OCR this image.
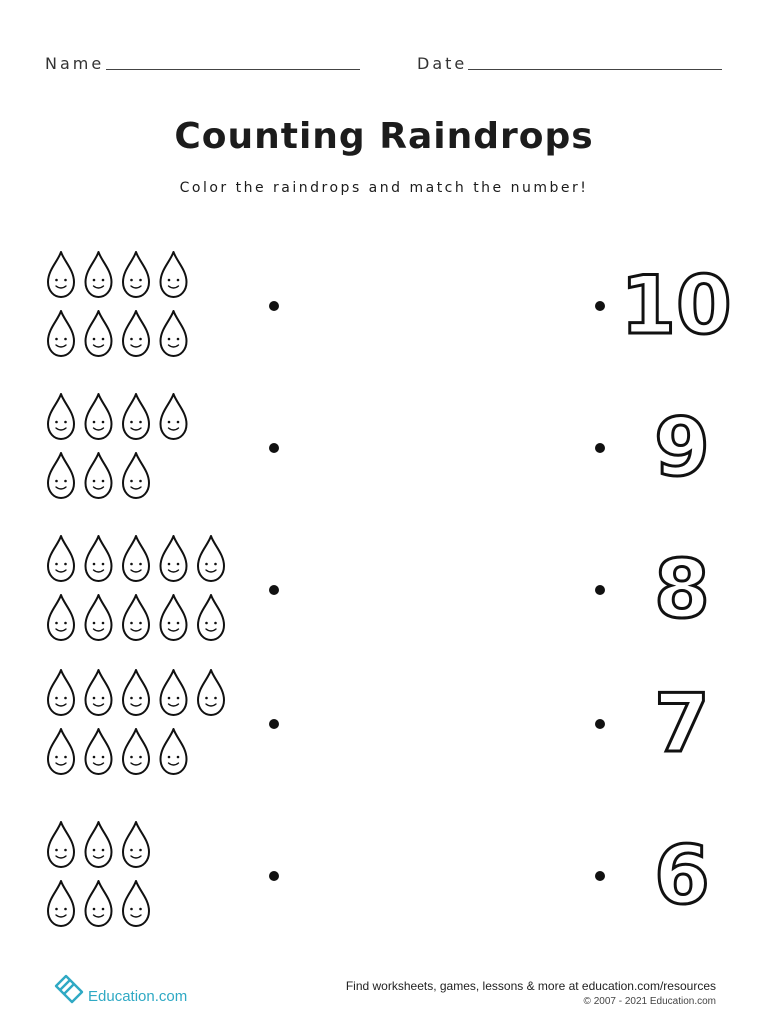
Name	Date
Counting Raindrops
Color the raindrops and match the number!
10
9
8
7
6
Education.com
Find worksheets, games, lessons & more at education.com/resources
© 2007 - 2021 Education.com
